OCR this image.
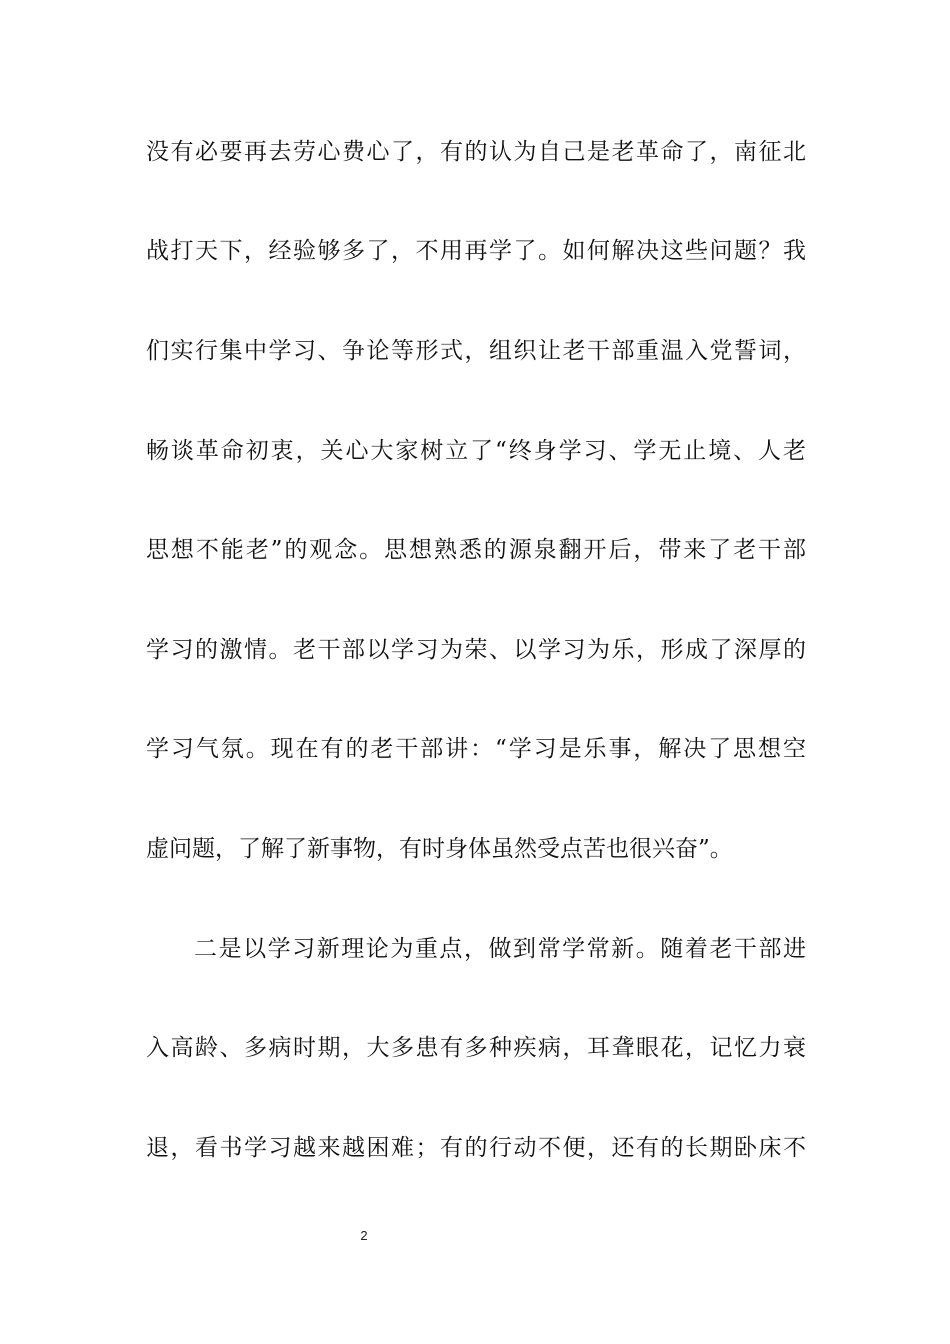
没有必要再去劳心费心了，有的认为自己是老革命了，南征北
战打天下，经验够多了，不用再学了。如何解决这些问题？我
们实行集中学习、争论等形式，组织让老干部重温入党誓词，
畅谈革命初衷，关心大家树立了“终身学习、学无止境、人老
思想不能老”的观念。思想熟悉的源泉翻开后，带来了老干部
学习的激情。老干部以学习为荣、以学习为乐，形成了深厚的
学习气氛。现在有的老干部讲：“学习是乐事，解决了思想空
虚问题，了解了新事物，有时身体虽然受点苦也很兴奋”。
二是以学习新理论为重点，做到常学常新。随着老干部进
入高龄、多病时期，大多患有多种疾病，耳聋眼花，记忆力衰
退，看书学习越来越困难；有的行动不便，还有的长期卧床不
2
